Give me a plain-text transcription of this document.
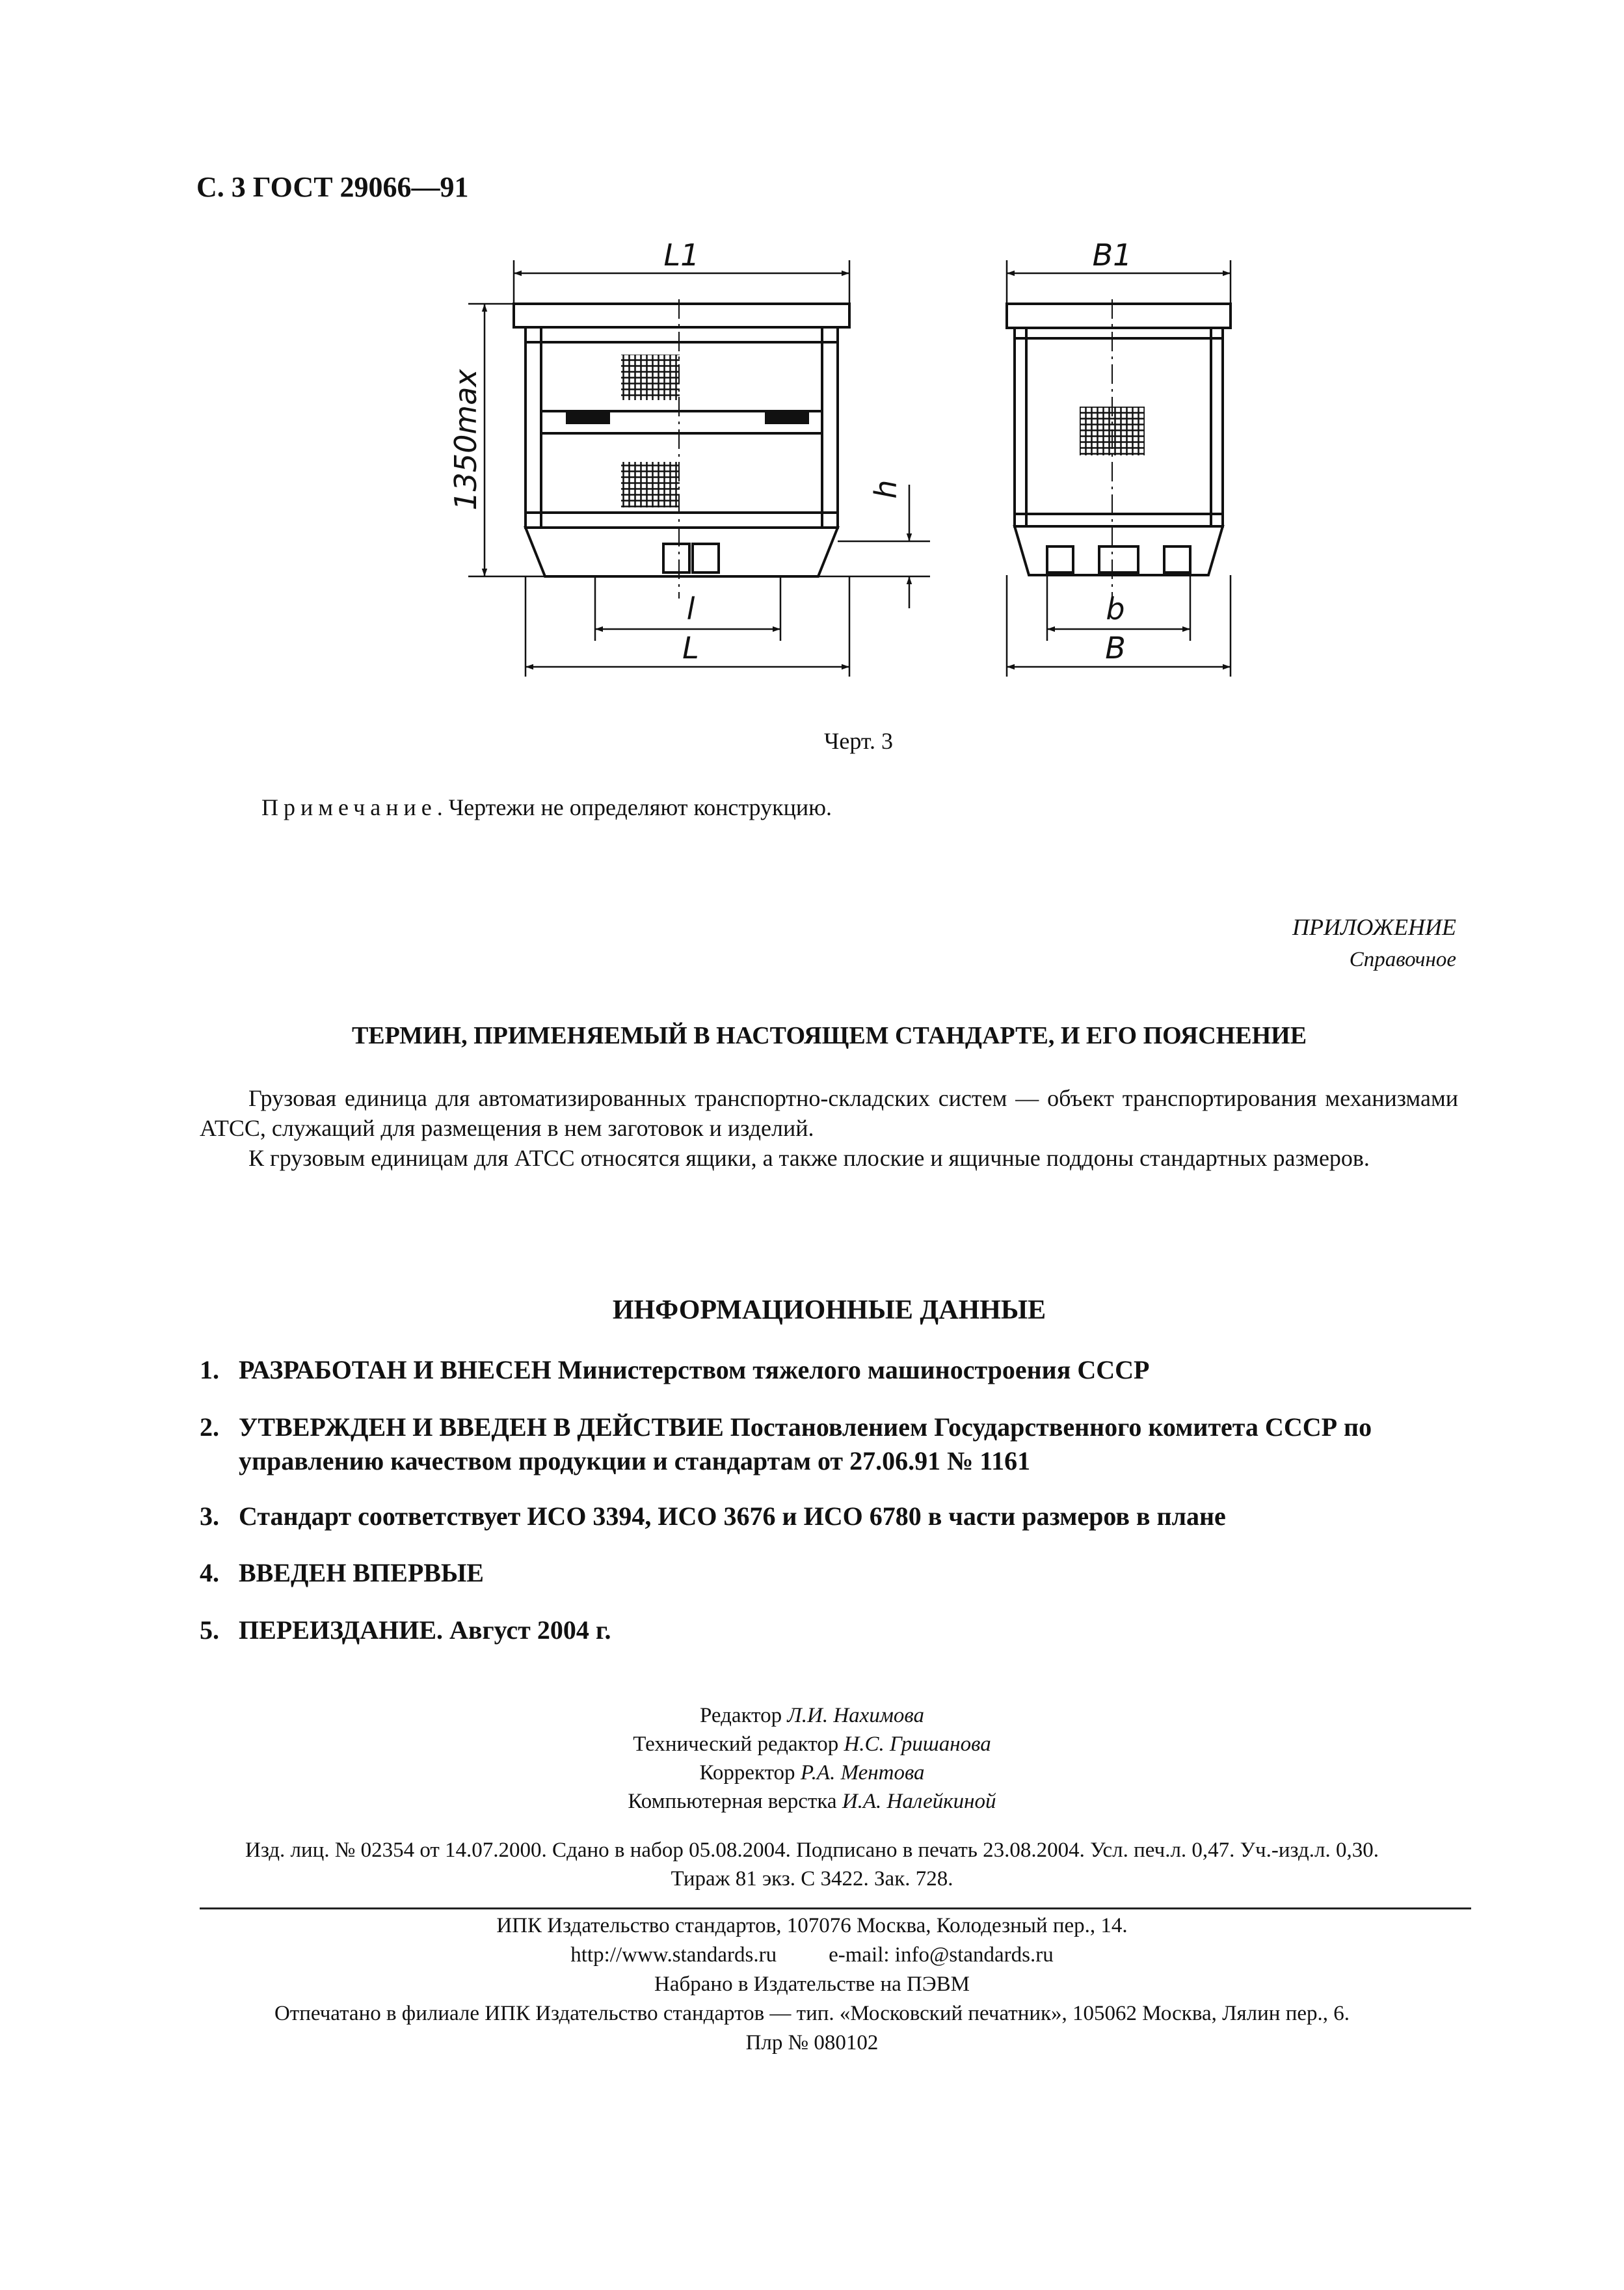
С. 3 ГОСТ 29066—91
L1
1350max	h
l
L
B1
b
B
Черт. 3
Примечание. Чертежи не определяют конструкцию.
ПРИЛОЖЕНИЕ
Справочное
ТЕРМИН, ПРИМЕНЯЕМЫЙ В НАСТОЯЩЕМ СТАНДАРТЕ, И ЕГО ПОЯСНЕНИЕ
Грузовая единица для автоматизированных транспортно-складских систем — объект транспортирования механизмами АТСС, служащий для размещения в нем заготовок и изделий.
К грузовым единицам для АТСС относятся ящики, а также плоские и ящичные поддоны стандартных размеров.
ИНФОРМАЦИОННЫЕ ДАННЫЕ
1. РАЗРАБОТАН И ВНЕСЕН Министерством тяжелого машиностроения СССР
2. УТВЕРЖДЕН И ВВЕДЕН В ДЕЙСТВИЕ Постановлением Государственного комитета СССР по управлению качеством продукции и стандартам от 27.06.91 № 1161
3. Стандарт соответствует ИСО 3394, ИСО 3676 и ИСО 6780 в части размеров в плане
4. ВВЕДЕН ВПЕРВЫЕ
5. ПЕРЕИЗДАНИЕ. Август 2004 г.
Редактор Л.И. Нахимова
Технический редактор Н.С. Гришанова
Корректор Р.А. Ментова
Компьютерная верстка И.А. Налейкиной
Изд. лиц. № 02354 от 14.07.2000. Сдано в набор 05.08.2004. Подписано в печать 23.08.2004. Усл. печ.л. 0,47. Уч.-изд.л. 0,30.
Тираж 81 экз. С 3422. Зак. 728.
ИПК Издательство стандартов, 107076 Москва, Колодезный пер., 14.
http://www.standards.ru e-mail: info@standards.ru
Набрано в Издательстве на ПЭВМ
Отпечатано в филиале ИПК Издательство стандартов — тип. «Московский печатник», 105062 Москва, Лялин пер., 6.
Плр № 080102
